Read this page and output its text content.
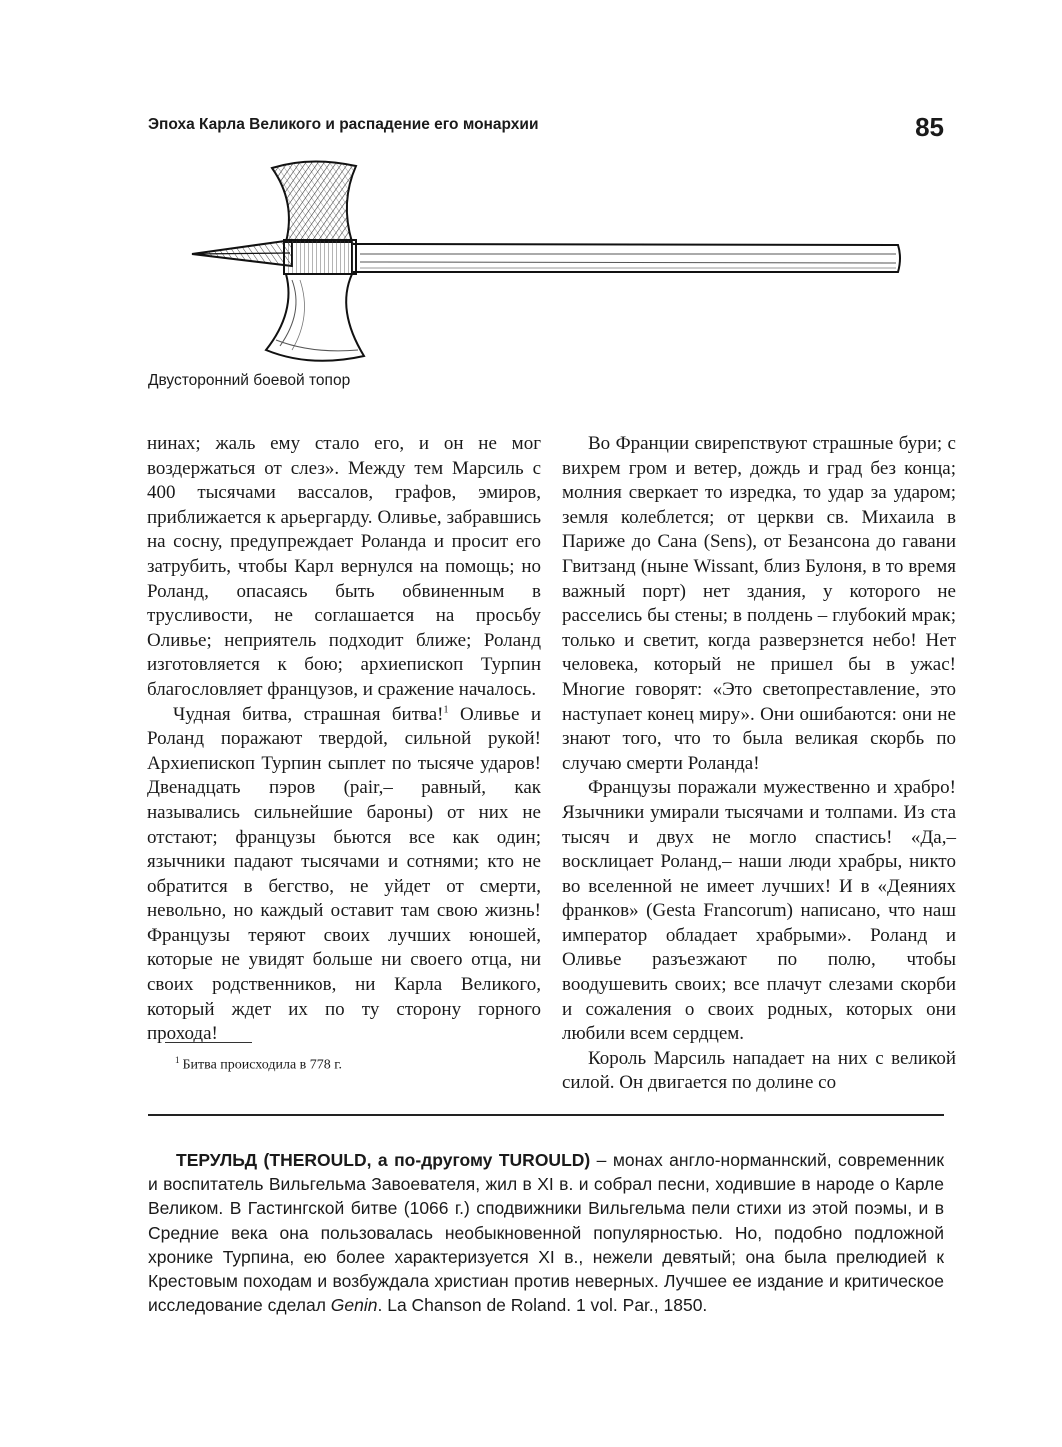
Эпоха Карла Великого и распадение его монархии	85
Двусторонний боевой топор

нинах; жаль ему стало его, и он не мог воздержаться от слез». Между тем Марсиль с 400 тысячами вассалов, графов, эмиров, приближается к арьергарду. Оливье, забравшись на сосну, предупреждает Роланда и просит его затрубить, чтобы Карл вернулся на помощь; но Роланд, опасаясь быть обвиненным в трусливости, не соглашается на просьбу Оливье; неприятель подходит ближе; Роланд изготовляется к бою; архиепископ Турпин благословляет французов, и сражение началось.

Чудная битва, страшная битва!$^1$ Оливье и Роланд поражают твердой, сильной рукой! Архиепископ Турпин сыплет по тысяче ударов! Двенадцать пэров (pair,– равный, как назывались сильнейшие бароны) от них не отстают; французы бьются все как один; язычники падают тысячами и сотнями; кто не обратится в бегство, не уйдет от смерти, невольно, но каждый оставит там свою жизнь! Французы теряют своих лучших юношей, которые не увидят больше ни своего отца, ни своих родственников, ни Карла Великого, который ждет их по ту сторону горного прохода!

$^1$ Битва происходила в 778 г.

Во Франции свирепствуют страшные бури; с вихрем гром и ветер, дождь и град без конца; молния сверкает то изредка, то удар за ударом; земля колеблется; от церкви св. Михаила в Париже до Сана (Sens), от Безансона до гавани Гвитзанд (ныне Wissant, близ Булоня, в то время важный порт) нет здания, у которого не расселись бы стены; в полдень – глубокий мрак; только и светит, когда разверзнется небо! Нет человека, который не пришел бы в ужас! Многие говорят: «Это светопреставление, это наступает конец миру». Они ошибаются: они не знают того, что то была великая скорбь по случаю смерти Роланда!

Французы поражали мужественно и храбро! Язычники умирали тысячами и толпами. Из ста тысяч и двух не могло спастись! «Да,– восклицает Роланд,– наши люди храбры, никто во вселенной не имеет лучших! И в «Деяниях франков» (Gesta Francorum) написано, что наш император обладает храбрыми». Роланд и Оливье разъезжают по полю, чтобы воодушевить своих; все плачут слезами скорби и сожаления о своих родных, которых они любили всем сердцем.

Король Марсиль нападает на них с великой силой. Он двигается по долине со

ТЕРУЛЬД (THEROULD, а по-другому TUROULD) – монах англо-норманнский, современник и воспитатель Вильгельма Завоевателя, жил в XI в. и собрал песни, ходившие в народе о Карле Великом. В Гастингской битве (1066 г.) сподвижники Вильгельма пели стихи из этой поэмы, и в Средние века она пользовалась необыкновенной популярностью. Но, подобно подложной хронике Турпина, ею более характеризуется XI в., нежели девятый; она была прелюдией к Крестовым походам и возбуждала христиан против неверных. Лучшее ее издание и критическое исследование сделал Genin. La Chanson de Roland. 1 vol. Par., 1850.
